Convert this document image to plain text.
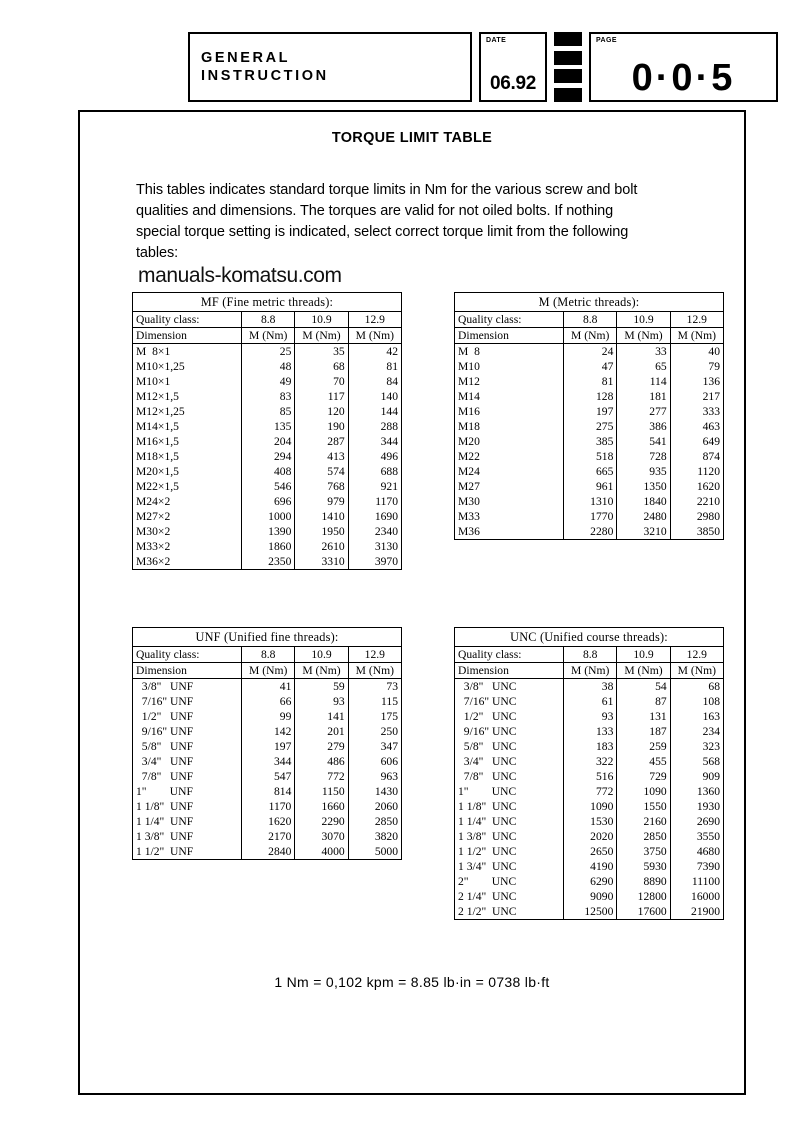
GENERAL
INSTRUCTION
DATE
06.92
PAGE
0·0·5
TORQUE LIMIT TABLE
This tables indicates standard torque limits in Nm for the various screw and bolt
qualities and dimensions. The torques are valid for not oiled bolts. If nothing
special torque setting is indicated, select correct torque limit from the following
tables:
manuals-komatsu.com
MF (Fine metric threads):			
Quality class:	8.8	10.9	12.9
Dimension	M (Nm)	M (Nm)	M (Nm)
M  8×1	25	35	42
M10×1,25	48	68	81
M10×1	49	70	84
M12×1,5	83	117	140
M12×1,25	85	120	144
M14×1,5	135	190	288
M16×1,5	204	287	344
M18×1,5	294	413	496
M20×1,5	408	574	688
M22×1,5	546	768	921
M24×2	696	979	1170
M27×2	1000	1410	1690
M30×2	1390	1950	2340
M33×2	1860	2610	3130
M36×2	2350	3310	3970
M (Metric threads):			
Quality class:	8.8	10.9	12.9
Dimension	M (Nm)	M (Nm)	M (Nm)
M  8	24	33	40
M10	47	65	79
M12	81	114	136
M14	128	181	217
M16	197	277	333
M18	275	386	463
M20	385	541	649
M22	518	728	874
M24	665	935	1120
M27	961	1350	1620
M30	1310	1840	2210
M33	1770	2480	2980
M36	2280	3210	3850
UNF (Unified fine threads):			
Quality class:	8.8	10.9	12.9
Dimension	M (Nm)	M (Nm)	M (Nm)
3/8"   UNF	41	59	73
7/16" UNF	66	93	115
1/2"   UNF	99	141	175
9/16" UNF	142	201	250
5/8"   UNF	197	279	347
3/4"   UNF	344	486	606
7/8"   UNF	547	772	963
1"        UNF	814	1150	1430
1 1/8"  UNF	1170	1660	2060
1 1/4"  UNF	1620	2290	2850
1 3/8"  UNF	2170	3070	3820
1 1/2"  UNF	2840	4000	5000
UNC (Unified course threads):			
Quality class:	8.8	10.9	12.9
Dimension	M (Nm)	M (Nm)	M (Nm)
3/8"   UNC	38	54	68
7/16" UNC	61	87	108
1/2"   UNC	93	131	163
9/16" UNC	133	187	234
5/8"   UNC	183	259	323
3/4"   UNC	322	455	568
7/8"   UNC	516	729	909
1"        UNC	772	1090	1360
1 1/8"  UNC	1090	1550	1930
1 1/4"  UNC	1530	2160	2690
1 3/8"  UNC	2020	2850	3550
1 1/2"  UNC	2650	3750	4680
1 3/4"  UNC	4190	5930	7390
2"        UNC	6290	8890	11100
2 1/4"  UNC	9090	12800	16000
2 1/2"  UNC	12500	17600	21900
1 Nm = 0,102 kpm = 8.85 lb·in = 0738 lb·ft
